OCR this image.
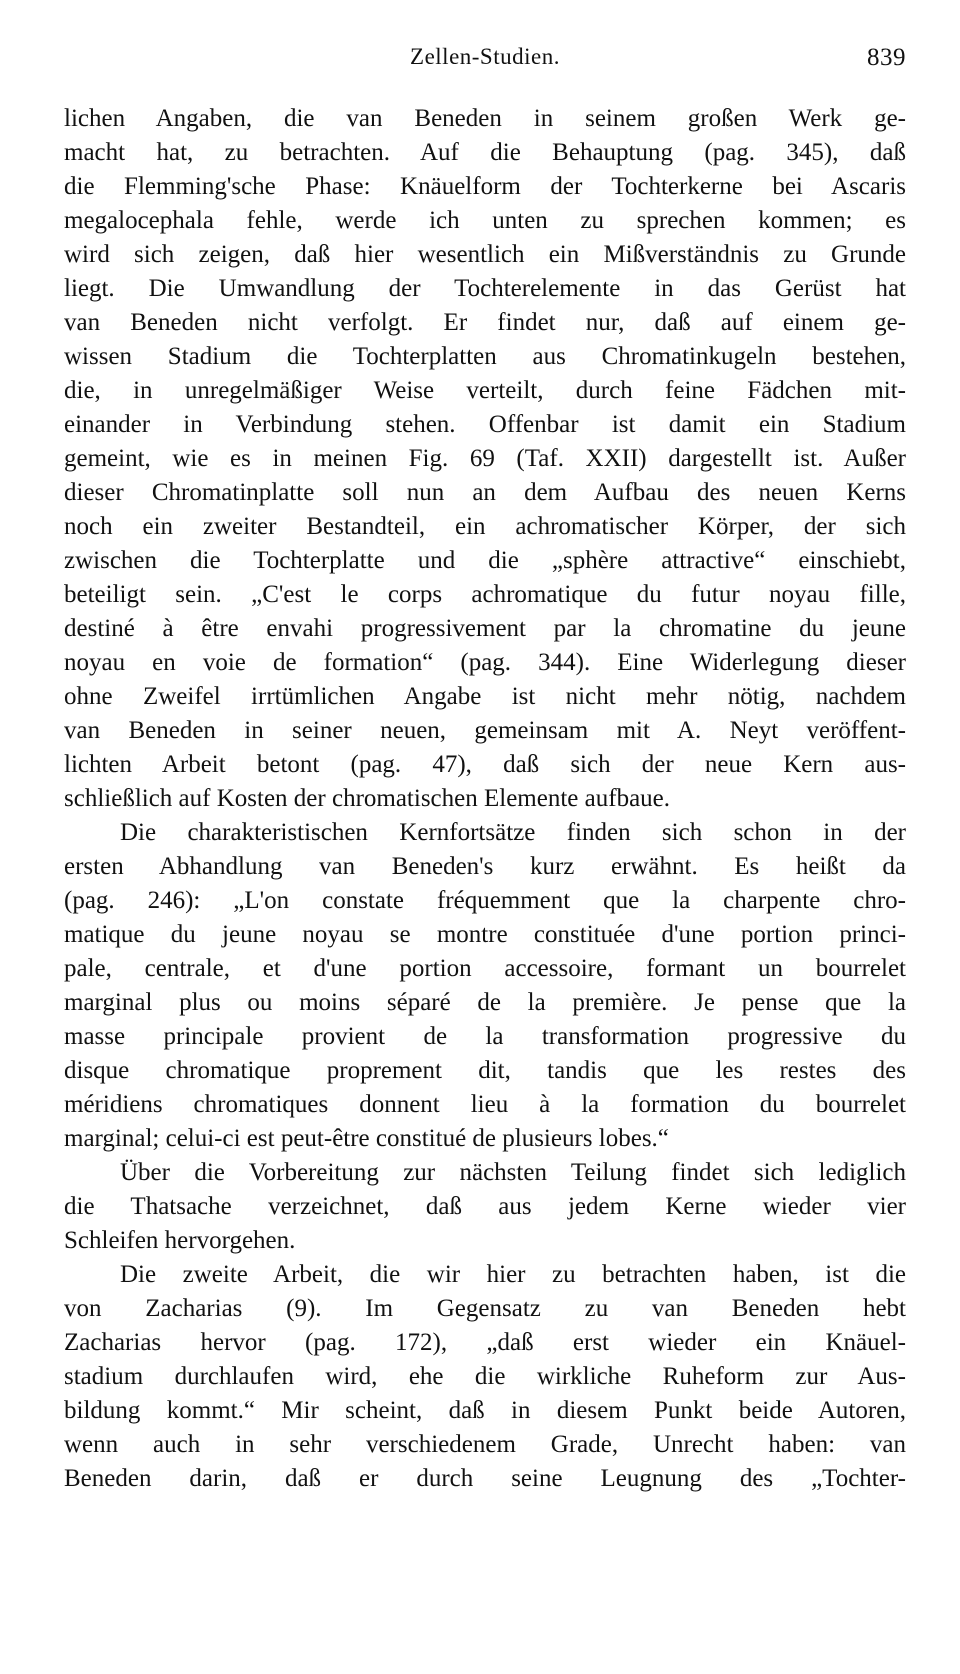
Zellen-Studien.	839
lichen Angaben, die van Beneden in seinem großen Werk ge-
macht hat, zu betrachten. Auf die Behauptung (pag. 345), daß
die Flemming'sche Phase: Knäuelform der Tochterkerne bei Ascaris
megalocephala fehle, werde ich unten zu sprechen kommen; es
wird sich zeigen, daß hier wesentlich ein Mißverständnis zu Grunde
liegt. Die Umwandlung der Tochterelemente in das Gerüst hat
van Beneden nicht verfolgt. Er findet nur, daß auf einem ge-
wissen Stadium die Tochterplatten aus Chromatinkugeln bestehen,
die, in unregelmäßiger Weise verteilt, durch feine Fädchen mit-
einander in Verbindung stehen. Offenbar ist damit ein Stadium
gemeint, wie es in meinen Fig. 69 (Taf. XXII) dargestellt ist. Außer
dieser Chromatinplatte soll nun an dem Aufbau des neuen Kerns
noch ein zweiter Bestandteil, ein achromatischer Körper, der sich
zwischen die Tochterplatte und die „sphère attractive“ einschiebt,
beteiligt sein. „C'est le corps achromatique du futur noyau fille,
destiné à être envahi progressivement par la chromatine du jeune
noyau en voie de formation“ (pag. 344). Eine Widerlegung dieser
ohne Zweifel irrtümlichen Angabe ist nicht mehr nötig, nachdem
van Beneden in seiner neuen, gemeinsam mit A. Neyt veröffent-
lichten Arbeit betont (pag. 47), daß sich der neue Kern aus-
schließlich auf Kosten der chromatischen Elemente aufbaue.
Die charakteristischen Kernfortsätze finden sich schon in der
ersten Abhandlung van Beneden's kurz erwähnt. Es heißt da
(pag. 246): „L'on constate fréquemment que la charpente chro-
matique du jeune noyau se montre constituée d'une portion princi-
pale, centrale, et d'une portion accessoire, formant un bourrelet
marginal plus ou moins séparé de la première. Je pense que la
masse principale provient de la transformation progressive du
disque chromatique proprement dit, tandis que les restes des
méridiens chromatiques donnent lieu à la formation du bourrelet
marginal; celui-ci est peut-être constitué de plusieurs lobes.“
Über die Vorbereitung zur nächsten Teilung findet sich lediglich
die Thatsache verzeichnet, daß aus jedem Kerne wieder vier
Schleifen hervorgehen.
Die zweite Arbeit, die wir hier zu betrachten haben, ist die
von Zacharias (9). Im Gegensatz zu van Beneden hebt
Zacharias hervor (pag. 172), „daß erst wieder ein Knäuel-
stadium durchlaufen wird, ehe die wirkliche Ruheform zur Aus-
bildung kommt.“ Mir scheint, daß in diesem Punkt beide Autoren,
wenn auch in sehr verschiedenem Grade, Unrecht haben: van
Beneden darin, daß er durch seine Leugnung des „Tochter-
